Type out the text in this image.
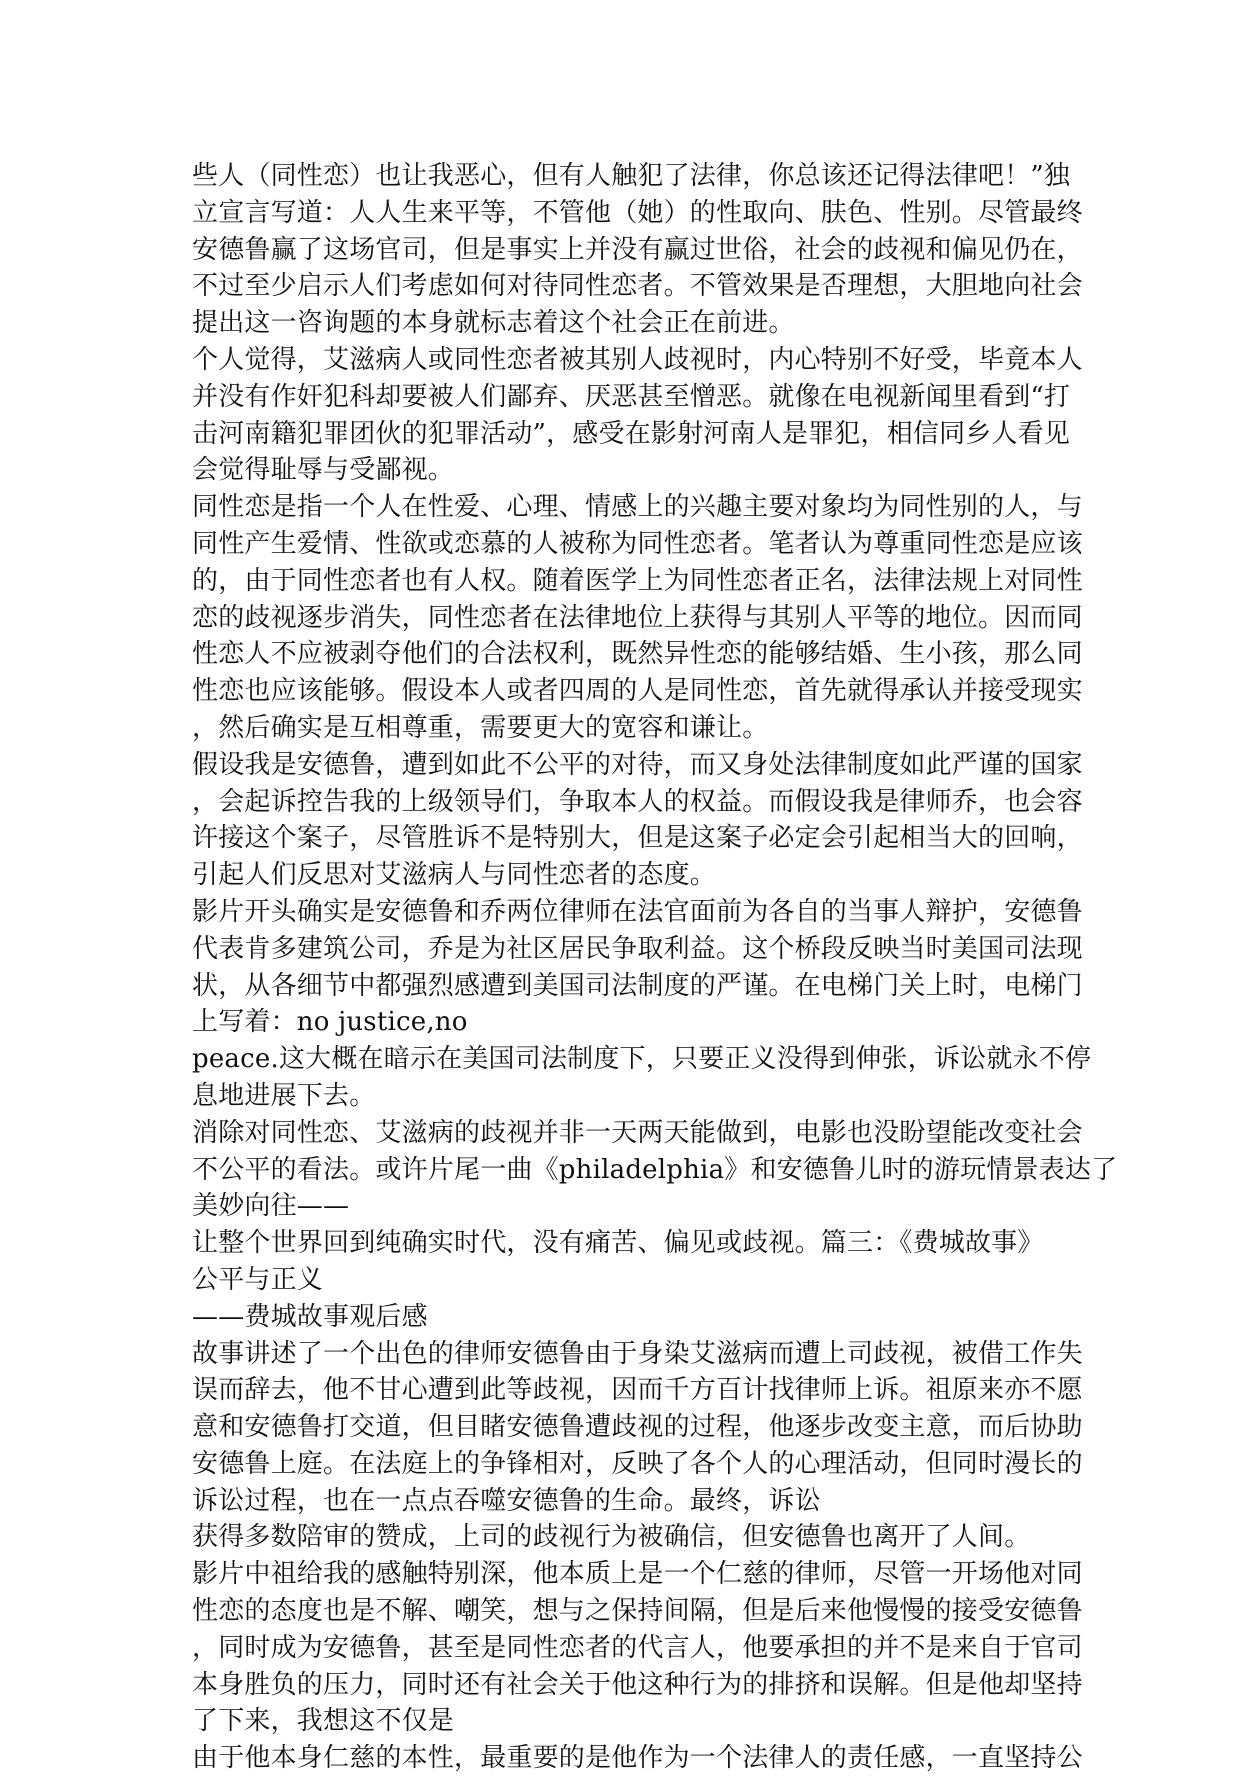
些人（同性恋）也让我恶心，但有人触犯了法律，你总该还记得法律吧！”独
立宣言写道：人人生来平等，不管他（她）的性取向、肤色、性别。尽管最终
安德鲁赢了这场官司，但是事实上并没有赢过世俗，社会的歧视和偏见仍在，
不过至少启示人们考虑如何对待同性恋者。不管效果是否理想，大胆地向社会
提出这一咨询题的本身就标志着这个社会正在前进。
个人觉得，艾滋病人或同性恋者被其别人歧视时，内心特别不好受，毕竟本人
并没有作奸犯科却要被人们鄙弃、厌恶甚至憎恶。就像在电视新闻里看到“打
击河南籍犯罪团伙的犯罪活动”，感受在影射河南人是罪犯，相信同乡人看见
会觉得耻辱与受鄙视。
同性恋是指一个人在性爱、心理、情感上的兴趣主要对象均为同性别的人，与
同性产生爱情、性欲或恋慕的人被称为同性恋者。笔者认为尊重同性恋是应该
的，由于同性恋者也有人权。随着医学上为同性恋者正名，法律法规上对同性
恋的歧视逐步消失，同性恋者在法律地位上获得与其别人平等的地位。因而同
性恋人不应被剥夺他们的合法权利，既然异性恋的能够结婚、生小孩，那么同
性恋也应该能够。假设本人或者四周的人是同性恋，首先就得承认并接受现实
，然后确实是互相尊重，需要更大的宽容和谦让。
假设我是安德鲁，遭到如此不公平的对待，而又身处法律制度如此严谨的国家
，会起诉控告我的上级领导们，争取本人的权益。而假设我是律师乔，也会容
许接这个案子，尽管胜诉不是特别大，但是这案子必定会引起相当大的回响，
引起人们反思对艾滋病人与同性恋者的态度。
影片开头确实是安德鲁和乔两位律师在法官面前为各自的当事人辩护，安德鲁
代表肯多建筑公司，乔是为社区居民争取利益。这个桥段反映当时美国司法现
状，从各细节中都强烈感遭到美国司法制度的严谨。在电梯门关上时，电梯门
上写着：no justice,no
peace.这大概在暗示在美国司法制度下，只要正义没得到伸张，诉讼就永不停
息地进展下去。
消除对同性恋、艾滋病的歧视并非一天两天能做到，电影也没盼望能改变社会
不公平的看法。或许片尾一曲《philadelphia》和安德鲁儿时的游玩情景表达了
美妙向往——
让整个世界回到纯确实时代，没有痛苦、偏见或歧视。篇三：《费城故事》
公平与正义
——费城故事观后感
故事讲述了一个出色的律师安德鲁由于身染艾滋病而遭上司歧视，被借工作失
误而辞去，他不甘心遭到此等歧视，因而千方百计找律师上诉。祖原来亦不愿
意和安德鲁打交道，但目睹安德鲁遭歧视的过程，他逐步改变主意，而后协助
安德鲁上庭。在法庭上的争锋相对，反映了各个人的心理活动，但同时漫长的
诉讼过程，也在一点点吞噬安德鲁的生命。最终，诉讼
获得多数陪审的赞成，上司的歧视行为被确信，但安德鲁也离开了人间。
影片中祖给我的感触特别深，他本质上是一个仁慈的律师，尽管一开场他对同
性恋的态度也是不解、嘲笑，想与之保持间隔，但是后来他慢慢的接受安德鲁
，同时成为安德鲁，甚至是同性恋者的代言人，他要承担的并不是来自于官司
本身胜负的压力，同时还有社会关于他这种行为的排挤和误解。但是他却坚持
了下来，我想这不仅是
由于他本身仁慈的本性，最重要的是他作为一个法律人的责任感，一直坚持公
